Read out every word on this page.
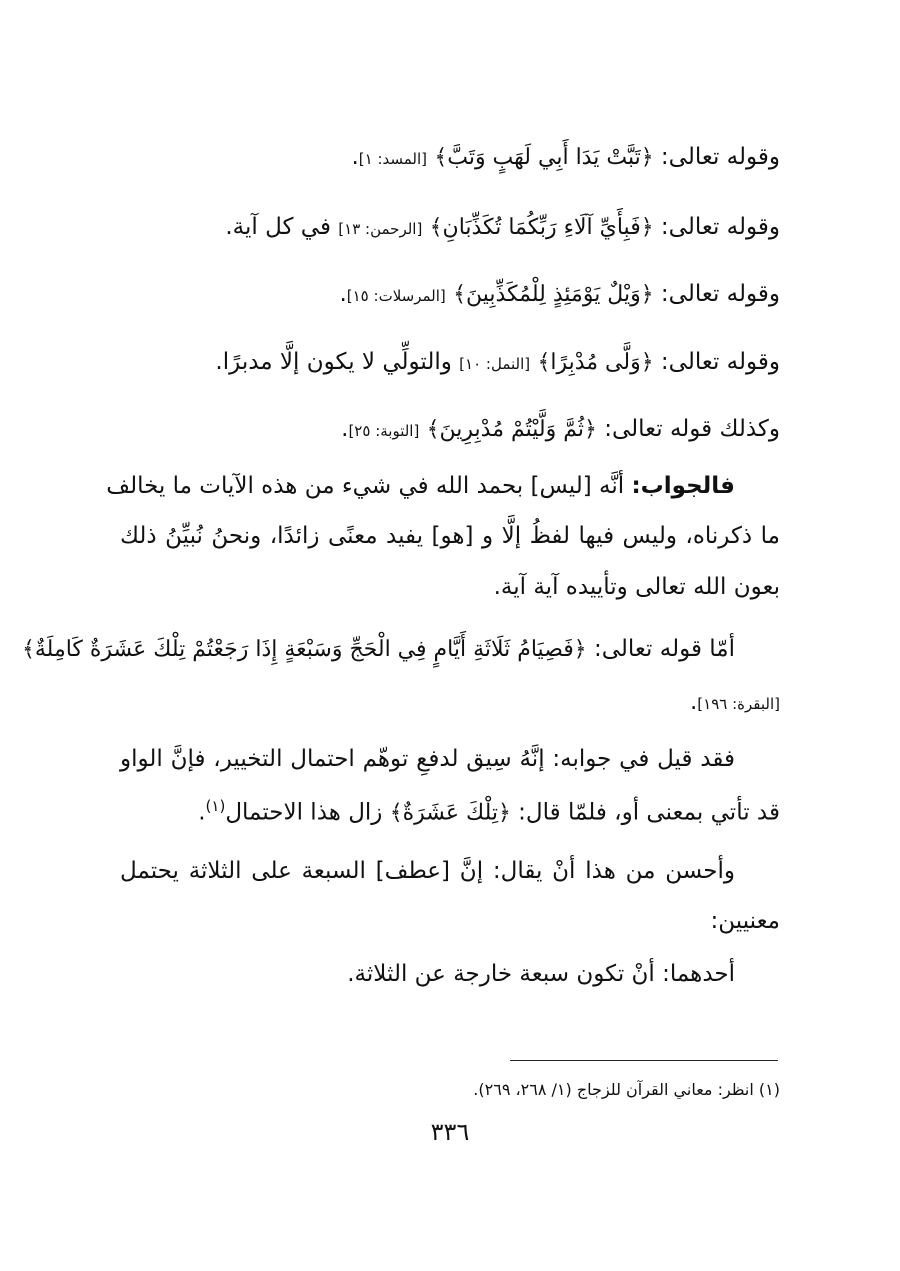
وقوله تعالى: ﴿تَبَّتْ يَدَا أَبِي لَهَبٍ وَتَبَّ﴾ [المسد: ١].
وقوله تعالى: ﴿فَبِأَيِّ آلَاءِ رَبِّكُمَا تُكَذِّبَانِ﴾ [الرحمن: ١٣] في كل آية.
وقوله تعالى: ﴿وَيْلٌ يَوْمَئِذٍ لِلْمُكَذِّبِينَ﴾ [المرسلات: ١٥].
وقوله تعالى: ﴿وَلَّى مُدْبِرًا﴾ [النمل: ١٠] والتولِّي لا يكون إلَّا مدبرًا.
وكذلك قوله تعالى: ﴿ثُمَّ وَلَّيْتُمْ مُدْبِرِينَ﴾ [التوبة: ٢٥].
فالجواب: أنَّه [ليس] بحمد الله في شيء من هذه الآيات ما يخالف
ما ذكرناه، وليس فيها لفظُ إلَّا و [هو] يفيد معنًى زائدًا، ونحنُ نُبيِّنُ ذلك
بعون الله تعالى وتأييده آية آية.
أمّا قوله تعالى: ﴿فَصِيَامُ ثَلَاثَةِ أَيَّامٍ فِي الْحَجِّ وَسَبْعَةٍ إِذَا رَجَعْتُمْ تِلْكَ عَشَرَةٌ كَامِلَةٌ﴾
[البقرة: ١٩٦].
فقد قيل في جوابه: إنَّهُ سِيق لدفعِ توهّم احتمال التخيير، فإنَّ الواو
قد تأتي بمعنى أو، فلمّا قال: ﴿تِلْكَ عَشَرَةٌ﴾ زال هذا الاحتمال$^{(١)}$.
وأحسن من هذا أنْ يقال: إنَّ [عطف] السبعة على الثلاثة يحتمل
معنيين:
أحدهما: أنْ تكون سبعة خارجة عن الثلاثة.
(١) انظر: معاني القرآن للزجاج (١/ ٢٦٨، ٢٦٩).
٣٣٦
